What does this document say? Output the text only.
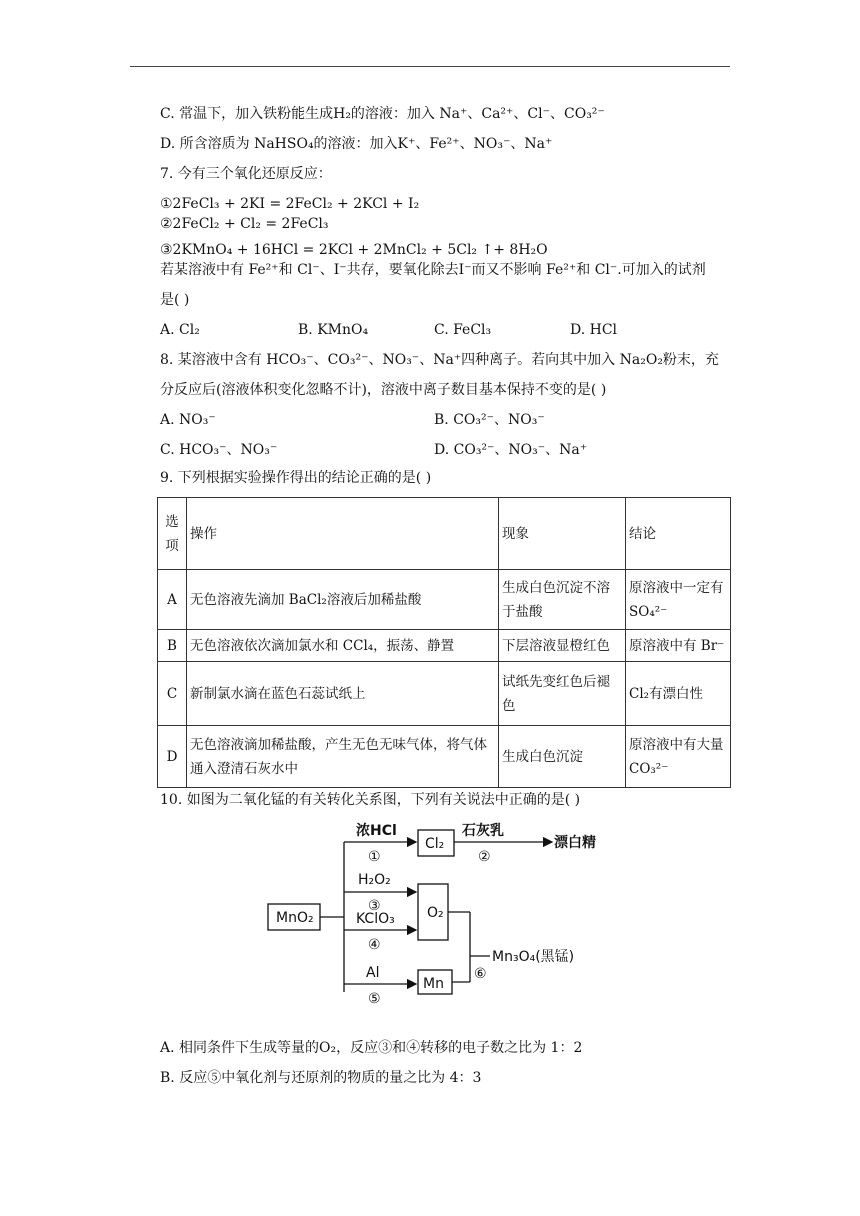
C. 常温下，加入铁粉能生成H₂的溶液：加入 Na⁺、Ca²⁺、Cl⁻、CO₃²⁻
D. 所含溶质为 NaHSO₄的溶液：加入K⁺、Fe²⁺、NO₃⁻、Na⁺
7. 今有三个氧化还原反应：
①2FeCl₃ + 2KI = 2FeCl₂ + 2KCl + I₂
②2FeCl₂ + Cl₂ = 2FeCl₃
③2KMnO₄ + 16HCl = 2KCl + 2MnCl₂ + 5Cl₂ ↑+ 8H₂O
若某溶液中有 Fe²⁺和 Cl⁻、I⁻共存，要氧化除去I⁻而又不影响 Fe²⁺和 Cl⁻.可加入的试剂
是( )
A. Cl₂	B. KMnO₄	C. FeCl₃	D. HCl
8. 某溶液中含有 HCO₃⁻、CO₃²⁻、NO₃⁻、Na⁺四种离子。若向其中加入 Na₂O₂粉末，充
分反应后(溶液体积变化忽略不计)，溶液中离子数目基本保持不变的是( )
A. NO₃⁻	B. CO₃²⁻、NO₃⁻
C. HCO₃⁻、NO₃⁻	D. CO₃²⁻、NO₃⁻、Na⁺
9. 下列根据实验操作得出的结论正确的是( )
选项	操作	现象	结论
A	无色溶液先滴加 BaCl₂溶液后加稀盐酸	生成白色沉淀不溶于盐酸	原溶液中一定有 SO₄²⁻
B	无色溶液依次滴加氯水和 CCl₄，振荡、静置	下层溶液显橙红色	原溶液中有 Br⁻
C	新制氯水滴在蓝色石蕊试纸上	试纸先变红色后褪色	Cl₂有漂白性
D	无色溶液滴加稀盐酸，产生无色无味气体，将气体通入澄清石灰水中	生成白色沉淀	原溶液中有大量 CO₃²⁻
10. 如图为二氧化锰的有关转化关系图，下列有关说法中正确的是( )
MnO₂
Cl₂
O₂
Mn
漂白精
Mn₃O₄(黑锰)
浓HCl	石灰乳
H₂O₂
KClO₃
Al
①	②
③
④
⑤
⑥
A. 相同条件下生成等量的O₂，反应③和④转移的电子数之比为 1：2
B. 反应⑤中氧化剂与还原剂的物质的量之比为 4：3
